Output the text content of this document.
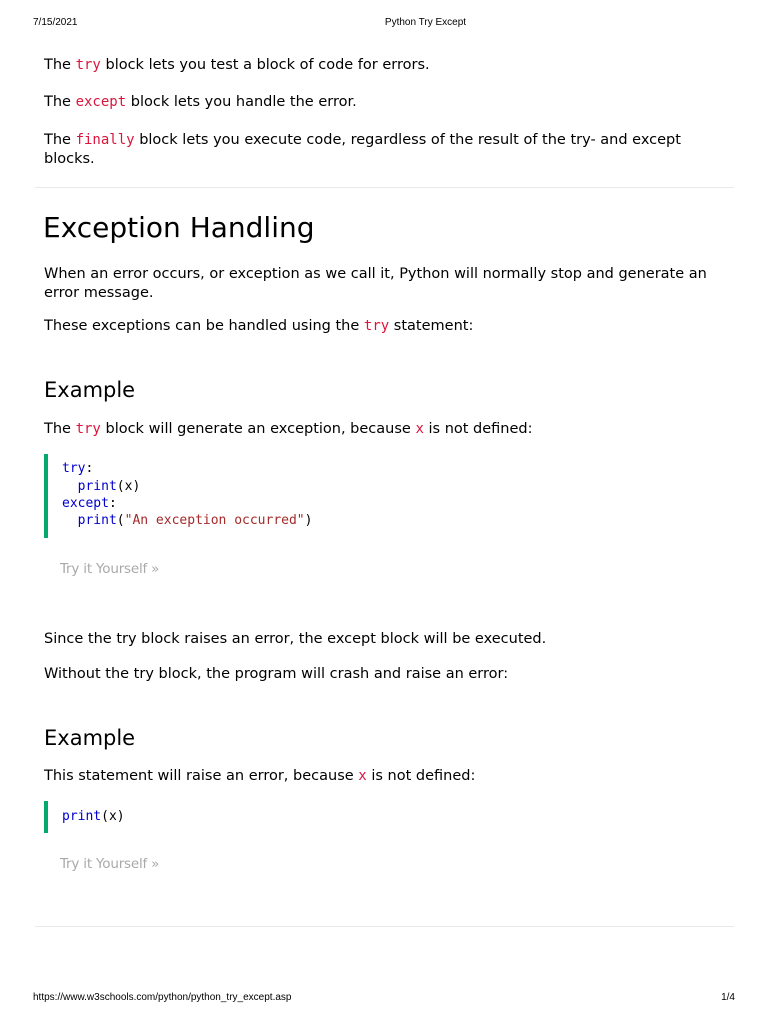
7/15/2021	Python Try Except
The try block lets you test a block of code for errors.
The except block lets you handle the error.
The finally block lets you execute code, regardless of the result of the try- and except blocks.
Exception Handling
When an error occurs, or exception as we call it, Python will normally stop and generate an error message.
These exceptions can be handled using the try statement:
Example
The try block will generate an exception, because x is not defined:
try:
print(x)
except:
print("An exception occurred")
Try it Yourself »
Since the try block raises an error, the except block will be executed.
Without the try block, the program will crash and raise an error:
Example
This statement will raise an error, because x is not defined:
print(x)
Try it Yourself »
https://www.w3schools.com/python/python_try_except.asp	1/4
